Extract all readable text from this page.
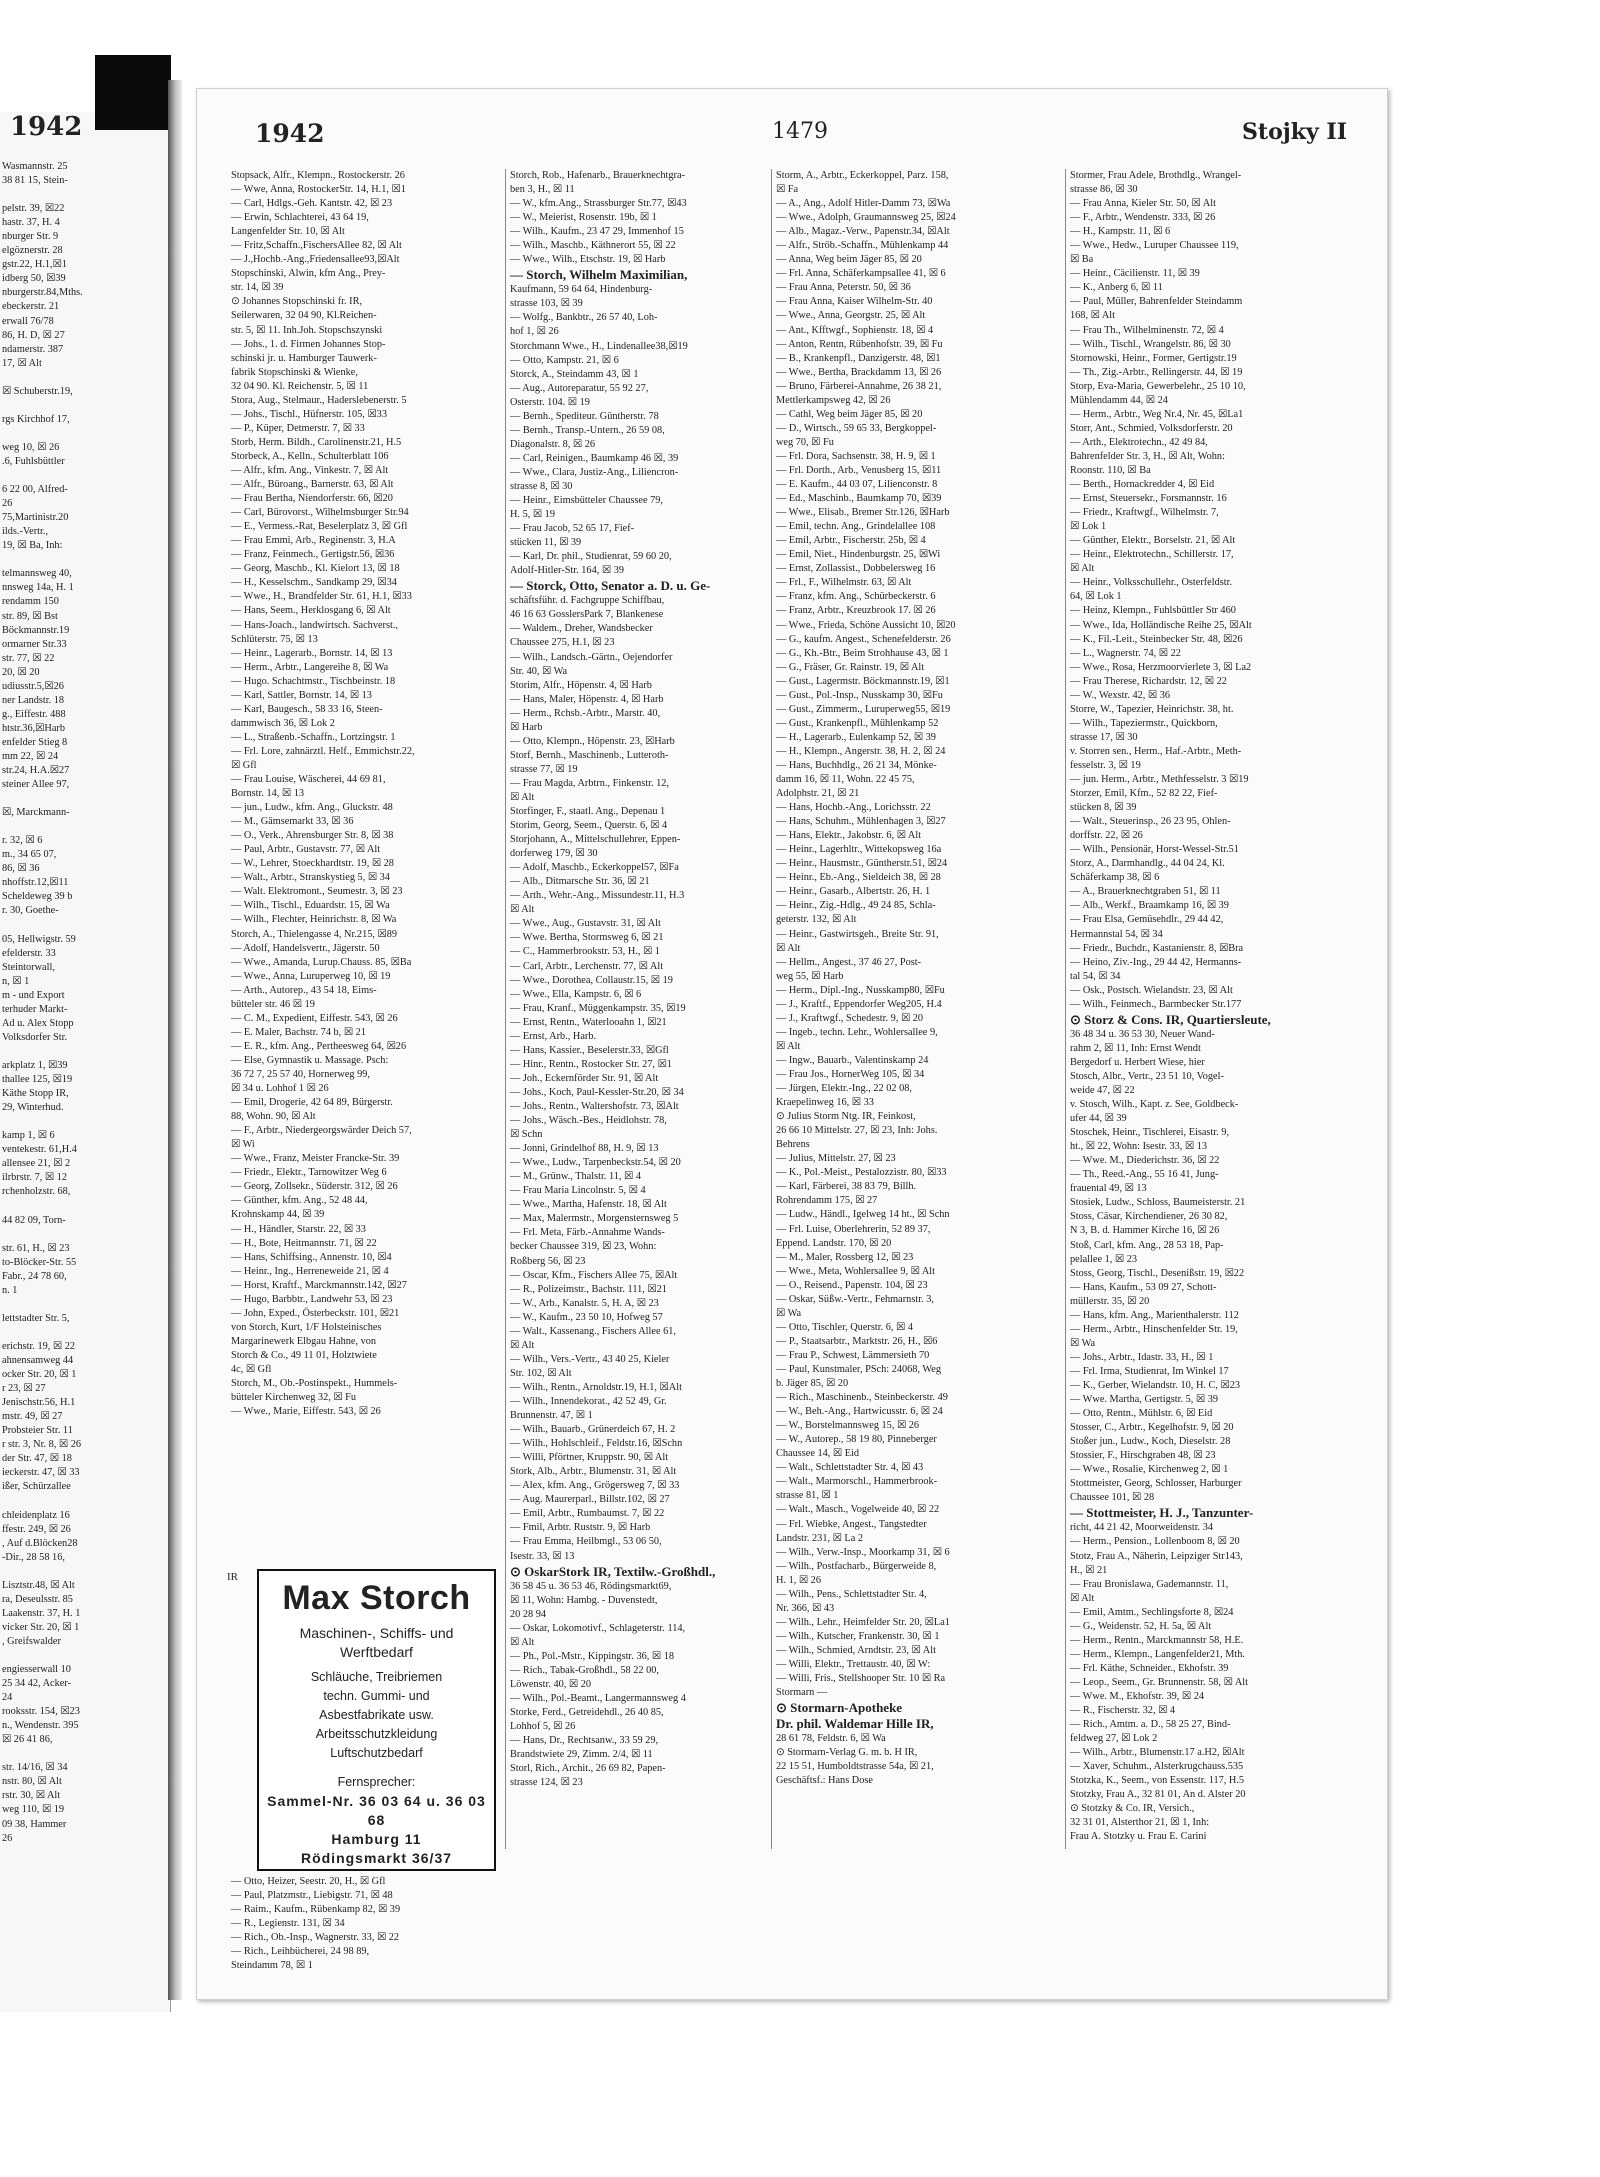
1942
Wasmannstr. 25
38 81 15, Stein-

pelstr. 39, ☒22
hastr. 37, H. 4
nburger Str. 9
elgöznerstr. 28
gstr.22, H.1,☒1
idberg 50, ☒39
nburgerstr.84,Mths.
ebeckerstr. 21
erwall 76/78
86, H. D, ☒ 27
ndamerstr. 387
17, ☒ Alt

☒ Schuberstr.19,

rgs Kirchhof 17,

weg 10, ☒ 26
.6, Fuhlsbüttler

6 22 00, Alfred-
26
75,Martinistr.20
ilds.-Vertr.,
19, ☒ Ba, Inh:

telmannsweg 40,
nnsweg 14a, H. 1
rendamm 150
str. 89, ☒ Bst
Böckmannstr.19
ormarner Str.33
str. 77, ☒ 22
20, ☒ 20
udiusstr.5,☒26
ner Landstr. 18
g., Eiffestr. 488
htstr.36,☒Harb
enfelder Stieg 8
mm 22, ☒ 24
str.24, H.A.☒27
steiner Allee 97,

☒, Marckmann-

r. 32, ☒ 6
m., 34 65 07,
86, ☒ 36
nhoffstr.12,☒11
Scheldeweg 39 b
r. 30, Goethe-

05, Hellwigstr. 59
efelderstr. 33
Steintorwall,
n, ☒ 1
m - und Export
terhuder Markt-
Ad u. Alex Stopp
Volksdorfer Str.

arkplatz 1, ☒39
thallee 125, ☒19
Käthe Stopp IR,
29, Winterhud.

kamp 1, ☒ 6
ventekestr. 61,H.4
allensee 21, ☒ 2
ilrbrstr. 7, ☒ 12
rchenholzstr. 68,

44 82 09, Torn-

str. 61, H., ☒ 23
to-Blöcker-Str. 55
Fabr., 24 78 60,
n. 1

lettstadter Str. 5,

erichstr. 19, ☒ 22
ahnensamweg 44
ocker Str. 20, ☒ 1
r 23, ☒ 27
Jenischstr.56, H.1
mstr. 49, ☒ 27
Probsteier Str. 11
r str. 3, Nr. 8, ☒ 26
der Str. 47, ☒ 18
ieckerstr. 47, ☒ 33
ißer, Schürzallee

chleidenplatz 16
ffestr. 249, ☒ 26
, Auf d.Blöcken28
-Dir., 28 58 16,

Lisztstr.48, ☒ Alt
ra, Deseulsstr. 85
Laakenstr. 37, H. 1
vicker Str. 20, ☒ 1
, Greifswalder

engiesserwall 10
25 34 42, Acker-
24
rooksstr. 154, ☒23
n., Wendenstr. 395
☒ 26 41 86,

str. 14/16, ☒ 34
nstr. 80, ☒ Alt
rstr. 30, ☒ Alt
weg 110, ☒ 19
09 38, Hammer
26
1942	1479	Stojky II
Stopsack, Alfr., Klempn., Rostockerstr. 26
— Wwe, Anna, RostockerStr. 14, H.1, ☒1
— Carl, Hdlgs.-Geh. Kantstr. 42, ☒ 23
— Erwin, Schlachterei, 43 64 19,
Langenfelder Str. 10, ☒ Alt
— Fritz,Schaffn.,FischersAllee 82, ☒ Alt
— J.,Hochb.-Ang.,Friedensallee93,☒Alt
Stopschinski, Alwin, kfm Ang., Prey-
str. 14, ☒ 39
⊙ Johannes Stopschinski fr. IR,
Seilerwaren, 32 04 90, Kl.Reichen-
str. 5, ☒ 11. Inh.Joh. Stopschszynski
— Johs., 1. d. Firmen Johannes Stop-
schinski jr. u. Hamburger Tauwerk-
fabrik Stopschinski & Wienke,
32 04 90. Kl. Reichenstr. 5, ☒ 11
Stora, Aug., Stelmaur., Haderslebenerstr. 5
— Johs., Tischl., Hüfnerstr. 105, ☒33
— P., Küper, Detmerstr. 7, ☒ 33
Storb, Herm. Bildh., Carolinenstr.21, H.5
Storbeck, A., Kelln., Schulterblatt 106
— Alfr., kfm. Ang., Vinkestr. 7, ☒ Alt
— Alfr., Büroang., Barnerstr. 63, ☒ Alt
— Frau Bertha, Niendorferstr. 66, ☒20
— Carl, Bürovorst., Wilhelmsburger Str.94
— E., Vermess.-Rat, Beselerplatz 3, ☒ Gfl
— Frau Emmi, Arb., Reginenstr. 3, H.A
— Franz, Feinmech., Gertigstr.56, ☒36
— Georg, Maschb., Kl. Kielort 13, ☒ 18
— H., Kesselschm., Sandkamp 29, ☒34
— Wwe., H., Brandfelder Str. 61, H.1, ☒33
— Hans, Seem., Herklosgang 6, ☒ Alt
— Hans-Joach., landwirtsch. Sachverst.,
Schlüterstr. 75, ☒ 13
— Heinr., Lagerarb., Bornstr. 14, ☒ 13
— Herm., Arbtr., Langereihe 8, ☒ Wa
— Hugo. Schachtmstr., Tischbeinstr. 18
— Karl, Sattler, Bornstr. 14, ☒ 13
— Karl, Baugesch., 58 33 16, Steen-
dammwisch 36, ☒ Lok 2
— L., Straßenb.-Schaffn., Lortzingstr. 1
— Frl. Lore, zahnärztl. Helf., Emmichstr.22,
☒ Gfl
— Frau Louise, Wäscherei, 44 69 81,
Bornstr. 14, ☒ 13
— jun., Ludw., kfm. Ang., Gluckstr. 48
— M., Gämsemarkt 33, ☒ 36
— O., Verk., Ahrensburger Str. 8, ☒ 38
— Paul, Arbtr., Gustavstr. 77, ☒ Alt
— W., Lehrer, Stoeckhardtstr. 19, ☒ 28
— Walt., Arbtr., Stranskystieg 5, ☒ 34
— Walt. Elektromont., Seumestr. 3, ☒ 23
— Wilh., Tischl., Eduardstr. 15, ☒ Wa
— Wilh., Flechter, Heinrichstr. 8, ☒ Wa
Storch, A., Thielengasse 4, Nr.215, ☒89
— Adolf, Handelsvertr., Jägerstr. 50
— Wwe., Amanda, Lurup.Chauss. 85, ☒Ba
— Wwe., Anna, Luruperweg 10, ☒ 19
— Arth., Autorep., 43 54 18, Eims-
bütteler str. 46 ☒ 19
— C. M., Expedient, Eiffestr. 543, ☒ 26
— E. Maler, Bachstr. 74 b, ☒ 21
— E. R., kfm. Ang., Pertheesweg 64, ☒26
— Else, Gymnastik u. Massage. Psch:
36 72 7, 25 57 40, Hornerweg 99,
☒ 34 u. Lohhof 1 ☒ 26
— Emil, Drogerie, 42 64 89, Bürgerstr.
88, Wohn. 90, ☒ Alt
— F., Arbtr., Niedergeorgswärder Deich 57,
☒ Wi
— Wwe., Franz, Meister Francke-Str. 39
— Friedr., Elektr., Tarnowitzer Weg 6
— Georg, Zollsekr., Süderstr. 312, ☒ 26
— Günther, kfm. Ang., 52 48 44,
Krohnskamp 44, ☒ 39
— H., Händler, Starstr. 22, ☒ 33
— H., Bote, Heitmannstr. 71, ☒ 22
— Hans, Schiffsing., Annenstr. 10, ☒4
— Heinr., Ing., Herreneweide 21, ☒ 4
— Horst, Kraftf., Marckmannstr.142, ☒27
— Hugo, Barbbtr., Landwehr 53, ☒ 23
— John, Exped., Österbeckstr. 101, ☒21
von Storch, Kurt, 1/F Holsteinisches
Margarinewerk Elbgau Hahne, von
Storch & Co., 49 11 01, Holztwiete
4c, ☒ Gfl
Storch, M., Ob.-Postinspekt., Hummels-
bütteler Kirchenweg 32, ☒ Fu
— Wwe., Marie, Eiffestr. 543, ☒ 26
Storch, Rob., Hafenarb., Brauerknechtgra-
ben 3, H., ☒ 11
— W., kfm.Ang., Strassburger Str.77, ☒43
— W., Meierist, Rosenstr. 19b, ☒ 1
— Wilh., Kaufm., 23 47 29, Immenhof 15
— Wilh., Maschb., Käthnerort 55, ☒ 22
— Wwe., Wilh., Etschstr. 19, ☒ Harb
— Storch, Wilhelm Maximilian,
Kaufmann, 59 64 64, Hindenburg-
strasse 103, ☒ 39
— Wolfg., Bankbtr., 26 57 40, Loh-
hof 1, ☒ 26
Storchmann Wwe., H., Lindenallee38,☒19
— Otto, Kampstr. 21, ☒ 6
Storck, A., Steindamm 43, ☒ 1
— Aug., Autoreparatur, 55 92 27,
Osterstr. 104. ☒ 19
— Bernh., Spediteur. Güntherstr. 78
— Bernh., Transp.-Untern., 26 59 08,
Diagonalstr. 8, ☒ 26
— Carl, Reinigen., Baumkamp 46 ☒, 39
— Wwe., Clara, Justiz-Ang., Liliencron-
strasse 8, ☒ 30
— Heinr., Eimsbütteler Chaussee 79,
H. 5, ☒ 19
— Frau Jacob, 52 65 17, Fief-
stücken 11, ☒ 39
— Karl, Dr. phil., Studienrat, 59 60 20,
Adolf-Hitler-Str. 164, ☒ 39
— Storck, Otto, Senator a. D. u. Ge-
schäftsführ. d. Fachgruppe Schiffbau,
46 16 63 GosslersPark 7, Blankenese
— Waldem., Dreher, Wandsbecker
Chaussee 275, H.1, ☒ 23
— Wilh., Landsch.-Gärtn., Oejendorfer
Str. 40, ☒ Wa
Storim, Alfr., Höpenstr. 4, ☒ Harb
— Hans, Maler, Höpenstr. 4, ☒ Harb
— Herm., Rchsb.-Arbtr., Marstr. 40,
☒ Harb
— Otto, Klempn., Höpenstr. 23, ☒Harb
Storf, Bernh., Maschinenb., Lutteroth-
strasse 77, ☒ 19
— Frau Magda, Arbtrn., Finkenstr. 12,
☒ Alt
Storfinger, F., staatl. Ang., Depenau 1
Storim, Georg, Seem., Querstr. 6, ☒ 4
Storjohann, A., Mittelschullehrer, Eppen-
dorferweg 179, ☒ 30
— Adolf, Maschb., Eckerkoppel57, ☒Fa
— Alb., Ditmarsche Str. 36, ☒ 21
— Arth., Wehr.-Ang., Missundestr.11, H.3
☒ Alt
— Wwe., Aug., Gustavstr. 31, ☒ Alt
— Wwe. Bertha, Stormsweg 6, ☒ 21
— C., Hammerbrookstr. 53, H., ☒ 1
— Carl, Arbtr., Lerchenstr. 77, ☒ Alt
— Wwe., Dorothea, Collaustr.15, ☒ 19
— Wwe., Ella, Kampstr. 6, ☒ 6
— Frau, Kranf., Müggenkampstr. 35, ☒19
— Ernst, Rentn., Waterlooahn 1, ☒21
— Ernst, Arb., Harb.
— Hans, Kassier., Beselerstr.33, ☒Gfl
— Hinr., Rentn., Rostocker Str. 27, ☒1
— Joh., Eckernförder Str. 91, ☒ Alt
— Johs., Koch, Paul-Kessler-Str.20, ☒ 34
— Johs., Rentn., Waltershofstr. 73, ☒Alt
— Johs., Wäsch.-Bes., Heidlohstr. 78,
☒ Schn
— Jonni, Grindelhof 88, H. 9, ☒ 13
— Wwe., Ludw., Tarpenbeckstr.54, ☒ 20
— M., Grünw., Thalstr. 11, ☒ 4
— Frau Maria Lincolnstr. 5, ☒ 4
— Wwe., Martha, Hafenstr. 18, ☒ Alt
— Max, Malermstr., Morgensternsweg 5
— Frl. Meta, Färb.-Annahme Wands-
becker Chaussee 319, ☒ 23, Wohn:
Roßberg 56, ☒ 23
— Oscar, Kfm., Fischers Allee 75, ☒Alt
— R., Polizeimstr., Bachstr. 111, ☒21
— W., Arb., Kanalstr. 5, H. A, ☒ 23
— W., Kaufm., 23 50 10, Hofweg 57
— Walt., Kassenang., Fischers Allee 61,
☒ Alt
— Wilh., Vers.-Vertr., 43 40 25, Kieler
Str. 102, ☒ Alt
— Wilh., Rentn., Arnoldstr.19, H.1, ☒Alt
— Wilh., Innendekorat., 42 52 49, Gr.
Brunnenstr. 47, ☒ 1
— Wilh., Bauarb., Grünerdeich 67, H. 2
— Wilh., Hohlschleif., Feldstr.16, ☒Schn
— Willi, Pförtner, Kruppstr. 90, ☒ Alt
Stork, Alb., Arbtr., Blumenstr. 31, ☒ Alt
— Alex, kfm. Ang., Grögersweg 7, ☒ 33
— Aug. Maurerparl., Billstr.102, ☒ 27
— Emil, Arbtr., Rumbaumst. 7, ☒ 22
— Fmil, Arbtr. Ruststr. 9, ☒ Harb
— Frau Emma, Heilbmgl., 53 06 50,
Isestr. 33, ☒ 13
⊙ OskarStork IR, Textilw.-Großhdl.,
36 58 45 u. 36 53 46, Rödingsmarkt69,
☒ 11, Wohn: Hambg. - Duvenstedt,
20 28 94
— Oskar, Lokomotivf., Schlageterstr. 114,
☒ Alt
— Ph., Pol.-Mstr., Kippingstr. 36, ☒ 18
— Rich., Tabak-Großhdl., 58 22 00,
Löwenstr. 40, ☒ 20
— Wilh., Pol.-Beamt., Langermannsweg 4
Storke, Ferd., Getreidehdl., 26 40 85,
Lohhof 5, ☒ 26
— Hans, Dr., Rechtsanw., 33 59 29,
Brandstwiete 29, Zimm. 2/4, ☒ 11
Storl, Rich., Archit., 26 69 82, Papen-
strasse 124, ☒ 23
Storm, A., Arbtr., Eckerkoppel, Parz. 158,
☒ Fa
— A., Ang., Adolf Hitler-Damm 73, ☒Wa
— Wwe., Adolph, Graumannsweg 25, ☒24
— Alb., Magaz.-Verw., Papenstr.34, ☒Alt
— Alfr., Ströb.-Schaffn., Mühlenkamp 44
— Anna, Weg beim Jäger 85, ☒ 20
— Frl. Anna, Schäferkampsallee 41, ☒ 6
— Frau Anna, Peterstr. 50, ☒ 36
— Frau Anna, Kaiser Wilhelm-Str. 40
— Wwe., Anna, Georgstr. 25, ☒ Alt
— Ant., Kfftwgf., Sophienstr. 18, ☒ 4
— Anton, Rentn, Rübenhofstr. 39, ☒ Fu
— B., Krankenpfl., Danzigerstr. 48, ☒1
— Wwe., Bertha, Brackdamm 13, ☒ 26
— Bruno, Färberei-Annahme, 26 38 21,
Mettlerkampsweg 42, ☒ 26
— Cathl, Weg beim Jäger 85, ☒ 20
— D., Wirtsch., 59 65 33, Bergkoppel-
weg 70, ☒ Fu
— Frl. Dora, Sachsenstr. 38, H. 9, ☒ 1
— Frl. Dorth., Arb., Venusberg 15, ☒11
— E. Kaufm., 44 03 07, Lilienconstr. 8
— Ed., Maschinb., Baumkamp 70, ☒39
— Wwe., Elisab., Bremer Str.126, ☒Harb
— Emil, techn. Ang., Grindelallee 108
— Emil, Arbtr., Fischerstr. 25b, ☒ 4
— Emil, Niet., Hindenburgstr. 25, ☒Wi
— Ernst, Zollassist., Dobbelersweg 16
— Frl., F., Wilhelmstr. 63, ☒ Alt
— Franz, kfm. Ang., Schürbeckerstr. 6
— Franz, Arbtr., Kreuzbrook 17. ☒ 26
— Wwe., Frieda, Schöne Aussicht 10, ☒20
— G., kaufm. Angest., Schenefelderstr. 26
— G., Kh.-Btr., Beim Strohhause 43, ☒ 1
— G., Fräser, Gr. Rainstr. 19, ☒ Alt
— Gust., Lagermstr. Böckmannstr.19, ☒1
— Gust., Pol.-Insp., Nusskamp 30, ☒Fu
— Gust., Zimmerm., Luruperweg55, ☒19
— Gust., Krankenpfl., Mühlenkamp 52
— H., Lagerarb., Eulenkamp 52, ☒ 39
— H., Klempn., Angerstr. 38, H. 2, ☒ 24
— Hans, Buchhdlg., 26 21 34, Mönke-
damm 16, ☒ 11, Wohn. 22 45 75,
Adolphstr. 21, ☒ 21
— Hans, Hochb.-Ang., Lorichsstr. 22
— Hans, Schuhm., Mühlenhagen 3, ☒27
— Hans, Elektr., Jakobstr. 6, ☒ Alt
— Heinr., Lagerhltr., Wittekopsweg 16a
— Heinr., Hausmstr., Güntherstr.51, ☒24
— Heinr., Eb.-Ang., Sieldeich 38, ☒ 28
— Heinr., Gasarb., Albertstr. 26, H. 1
— Heinr., Zig.-Hdlg., 49 24 85, Schla-
geterstr. 132, ☒ Alt
— Heinr., Gastwirtsgeh., Breite Str. 91,
☒ Alt
— Hellm., Angest., 37 46 27, Post-
weg 55, ☒ Harb
— Herm., Dipl.-Ing., Nusskamp80, ☒Fu
— J., Kraftf., Eppendorfer Weg205, H.4
— J., Kraftwgf., Schedestr. 9, ☒ 20
— Ingeb., techn. Lehr., Wohlersallee 9,
☒ Alt
— Ingw., Bauarb., Valentinskamp 24
— Frau Jos., HornerWeg 105, ☒ 34
— Jürgen, Elektr.-Ing., 22 02 08,
Kraepelinweg 16, ☒ 33
⊙ Julius Storm Ntg. IR, Feinkost,
26 66 10 Mittelstr. 27, ☒ 23, Inh: Johs.
Behrens
— Julius, Mittelstr. 27, ☒ 23
— K., Pol.-Meist., Pestalozzistr. 80, ☒33
— Karl, Färberei, 38 83 79, Billh.
Rohrendamm 175, ☒ 27
— Ludw., Händl., Igelweg 14 ht., ☒ Schn
— Frl. Luise, Oberlehrerin, 52 89 37,
Eppend. Landstr. 170, ☒ 20
— M., Maler, Rossberg 12, ☒ 23
— Wwe., Meta, Wohlersallee 9, ☒ Alt
— O., Reisend., Papenstr. 104, ☒ 23
— Oskar, Süßw.-Vertr., Fehmarnstr. 3,
☒ Wa
— Otto, Tischler, Querstr. 6, ☒ 4
— P., Staatsarbtr., Marktstr. 26, H., ☒6
— Frau P., Schwest, Lämmersieth 70
— Paul, Kunstmaler, PSch: 24068, Weg
b. Jäger 85, ☒ 20
— Rich., Maschinenb., Steinbeckerstr. 49
— W., Beh.-Ang., Hartwicusstr. 6, ☒ 24
— W., Borstelmannsweg 15, ☒ 26
— W., Autorep., 58 19 80, Pinneberger
Chaussee 14, ☒ Eid
— Walt., Schlettstadter Str. 4, ☒ 43
— Walt., Marmorschl., Hammerbrook-
strasse 81, ☒ 1
— Walt., Masch., Vogelweide 40, ☒ 22
— Frl. Wiebke, Angest., Tangstedter
Landstr. 231, ☒ La 2
— Wilh., Verw.-Insp., Moorkamp 31, ☒ 6
— Wilh., Postfacharb., Bürgerweide 8,
H. 1, ☒ 26
— Wilh., Pens., Schlettstadter Str. 4,
Nr. 366, ☒ 43
— Wilh., Lehr., Heimfelder Str. 20, ☒La1
— Wilh., Kutscher, Frankenstr. 30, ☒ 1
— Wilh., Schmied, Arndtstr. 23, ☒ Alt
— Willi, Elektr., Trettaustr. 40, ☒ W:
— Willi, Fris., Stellshooper Str. 10 ☒ Ra
Stormarn —
⊙ Stormarn-Apotheke
Dr. phil. Waldemar Hille IR,
28 61 78, Feldstr. 6, ☒ Wa
⊙ Stormarn-Verlag G. m. b. H IR,
22 15 51, Humboldtstrasse 54a, ☒ 21,
Geschäftsf.: Hans Dose
Stormer, Frau Adele, Brothdlg., Wrangel-
strasse 86, ☒ 30
— Frau Anna, Kieler Str. 50, ☒ Alt
— F., Arbtr., Wendenstr. 333, ☒ 26
— H., Kampstr. 11, ☒ 6
— Wwe., Hedw., Luruper Chaussee 119,
☒ Ba
— Heinr., Cäcilienstr. 11, ☒ 39
— K., Anberg 6, ☒ 11
— Paul, Müller, Bahrenfelder Steindamm
168, ☒ Alt
— Frau Th., Wilhelminenstr. 72, ☒ 4
— Wilh., Tischl., Wrangelstr. 86, ☒ 30
Stornowski, Heinr., Former, Gertigstr.19
— Th., Zig.-Arbtr., Rellingerstr. 44, ☒ 19
Storp, Eva-Maria, Gewerbelehr., 25 10 10,
Mühlendamm 44, ☒ 24
— Herm., Arbtr., Weg Nr.4, Nr. 45, ☒La1
Storr, Ant., Schmied, Volksdorferstr. 20
— Arth., Elektrotechn., 42 49 84,
Bahrenfelder Str. 3, H., ☒ Alt, Wohn:
Roonstr. 110, ☒ Ba
— Berth., Hornackredder 4, ☒ Eid
— Ernst, Steuersekr., Forsmannstr. 16
— Friedr., Kraftwgf., Wilhelmstr. 7,
☒ Lok 1
— Günther, Elektr., Borselstr. 21, ☒ Alt
— Heinr., Elektrotechn., Schillerstr. 17,
☒ Alt
— Heinr., Volksschullehr., Osterfeldstr.
64, ☒ Lok 1
— Heinz, Klempn., Fuhlsbüttler Str 460
— Wwe., Ida, Holländische Reihe 25, ☒Alt
— K., Fil.-Leit., Steinbecker Str. 48, ☒26
— L., Wagnerstr. 74, ☒ 22
— Wwe., Rosa, Herzmoorvierlete 3, ☒ La2
— Frau Therese, Richardstr. 12, ☒ 22
— W., Wexstr. 42, ☒ 36
Storre, W., Tapezier, Heinrichstr. 38, ht.
— Wilh., Tapeziermstr., Quickborn,
strasse 17, ☒ 30
v. Storren sen., Herm., Haf.-Arbtr., Meth-
fesselstr. 3, ☒ 19
— jun. Herm., Arbtr., Methfesselstr. 3 ☒19
Storzer, Emil, Kfm., 52 82 22, Fief-
stücken 8, ☒ 39
— Walt., Steuerinsp., 26 23 95, Ohlen-
dorffstr. 22, ☒ 26
— Wilh., Pensionär, Horst-Wessel-Str.51
Storz, A., Darmhandlg., 44 04 24, Kl.
Schäferkamp 38, ☒ 6
— A., Brauerknechtgraben 51, ☒ 11
— Alb., Werkf., Braamkamp 16, ☒ 39
— Frau Elsa, Gemüsehdlr., 29 44 42,
Hermannstal 54, ☒ 34
— Friedr., Buchdr., Kastanienstr. 8, ☒Bra
— Heino, Ziv.-Ing., 29 44 42, Hermanns-
tal 54, ☒ 34
— Osk., Postsch. Wielandstr. 23, ☒ Alt
— Wilh., Feinmech., Barmbecker Str.177
⊙ Storz & Cons. IR, Quartiersleute,
36 48 34 u. 36 53 30, Neuer Wand-
rahm 2, ☒ 11, Inh: Ernst Wendt
Bergedorf u. Herbert Wiese, hier
Stosch, Albr., Vertr., 23 51 10, Vogel-
weide 47, ☒ 22
v. Stosch, Wilh., Kapt. z. See, Goldbeck-
ufer 44, ☒ 39
Stoschek, Heinr., Tischlerei, Eisastr. 9,
ht., ☒ 22, Wohn: Isestr. 33, ☒ 13
— Wwe. M., Diederichstr. 36, ☒ 22
— Th., Reed.-Ang., 55 16 41, Jung-
frauental 49, ☒ 13
Stosiek, Ludw., Schloss, Baumeisterstr. 21
Stoss, Cäsar, Kirchendiener, 26 30 82,
N 3, B. d. Hammer Kirche 16, ☒ 26
Stoß, Carl, kfm. Ang., 28 53 18, Pap-
pelallee 1, ☒ 23
Stoss, Georg, Tischl., Desenißstr. 19, ☒22
— Hans, Kaufm., 53 09 27, Schott-
müllerstr. 35, ☒ 20
— Hans, kfm. Ang., Marienthalerstr. 112
— Herm., Arbtr., Hinschenfelder Str. 19,
☒ Wa
— Johs., Arbtr., Idastr. 33, H., ☒ 1
— Frl. Irma, Studienrat, Im Winkel 17
— K., Gerber, Wielandstr. 10, H. C, ☒23
— Wwe. Martha, Gertigstr. 5, ☒ 39
— Otto, Rentn., Mühlstr. 6, ☒ Eid
Stosser, C., Arbtr., Kegelhofstr. 9, ☒ 20
Stoßer jun., Ludw., Koch, Dieselstr. 28
Stossier, F., Hirschgraben 48, ☒ 23
— Wwe., Rosalie, Kirchenweg 2, ☒ 1
Stottmeister, Georg, Schlosser, Harburger
Chaussee 101, ☒ 28
— Stottmeister, H. J., Tanzunter-
richt, 44 21 42, Moorweidenstr. 34
— Herm., Pension., Lollenboom 8, ☒ 20
Stotz, Frau A., Näherin, Leipziger Str143,
H., ☒ 21
— Frau Bronislawa, Gademannstr. 11,
☒ Alt
— Emil, Amtm., Sechlingsforte 8, ☒24
— G., Weidenstr. 52, H. 5a, ☒ Alt
— Herm., Rentn., Marckmannstr 58, H.E.
— Herm., Klempn., Langenfelder21, Mth.
— Frl. Käthe, Schneider., Ekhofstr. 39
— Leop., Seem., Gr. Brunnenstr. 58, ☒ Alt
— Wwe. M., Ekhofstr. 39, ☒ 24
— R., Fischerstr. 32, ☒ 4
— Rich., Amtm. a. D., 58 25 27, Bind-
feldweg 27, ☒ Lok 2
— Wilh., Arbtr., Blumenstr.17 a.H2, ☒Alt
— Xaver, Schuhm., Alsterkrugchauss.535
Stotzka, K., Seem., von Essenstr. 117, H.5
Stotzky, Frau A., 32 81 01, An d. Alster 20
⊙ Stotzky & Co. IR, Versich.,
32 31 01, Alsterthor 21, ☒ 1, Inh:
Frau A. Stotzky u. Frau E. Carini
IR
Max Storch
Maschinen-, Schiffs- und
Werftbedarf
Schläuche, Treibriemen
techn. Gummi- und
Asbestfabrikate usw.
Arbeitsschutzkleidung
Luftschutzbedarf
Fernsprecher:
Sammel-Nr. 36 03 64 u. 36 03 68
Hamburg 11
Rödingsmarkt 36/37
— Otto, Heizer, Seestr. 20, H., ☒ Gfl
— Paul, Platzmstr., Liebigstr. 71, ☒ 48
— Raim., Kaufm., Rübenkamp 82, ☒ 39
— R., Legienstr. 131, ☒ 34
— Rich., Ob.-Insp., Wagnerstr. 33, ☒ 22
— Rich., Leihbücherei, 24 98 89,
Steindamm 78, ☒ 1
